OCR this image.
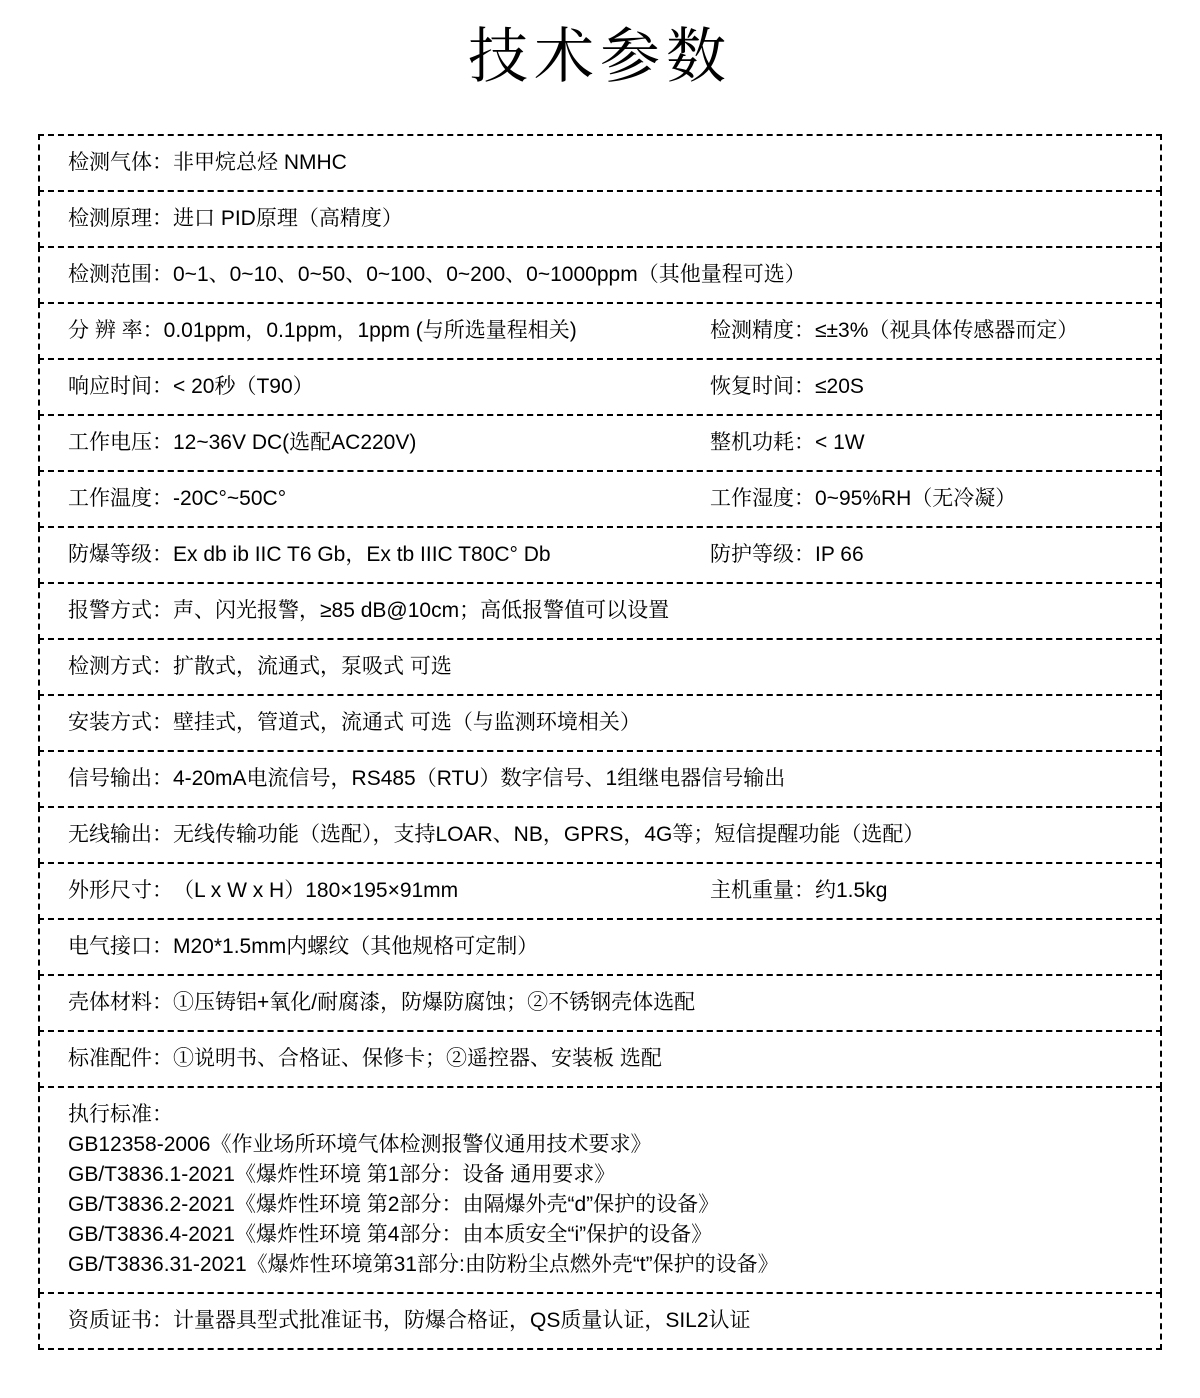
技术参数
检测气体： 非甲烷总烃 NMHC
检测原理： 进口 PID原理（高精度）
检测范围： 0~1、0~10、0~50、0~100、0~200、0~1000ppm（其他量程可选）
分 辨 率： 0.01ppm，0.1ppm，1ppm (与所选量程相关)	检测精度： ≤±3%（视具体传感器而定）
响应时间： < 20秒（T90）	恢复时间： ≤20S
工作电压： 12~36V DC(选配AC220V)	整机功耗： < 1W
工作温度： -20C°~50C°	工作湿度： 0~95%RH（无冷凝）
防爆等级： Ex db ib IIC T6 Gb，Ex tb IIIC T80C° Db	防护等级： IP 66
报警方式： 声、闪光报警，≥85 dB@10cm；高低报警值可以设置
检测方式： 扩散式，流通式，泵吸式 可选
安装方式： 壁挂式，管道式，流通式 可选（与监测环境相关）
信号输出： 4-20mA电流信号，RS485（RTU）数字信号、1组继电器信号输出
无线输出： 无线传输功能（选配），支持LOAR、NB，GPRS，4G等；短信提醒功能（选配）
外形尺寸： （L x W x H）180×195×91mm	主机重量： 约1.5kg
电气接口： M20*1.5mm内螺纹（其他规格可定制）
壳体材料： ①压铸铝+氧化/耐腐漆，防爆防腐蚀；②不锈钢壳体选配
标准配件： ①说明书、合格证、保修卡；②遥控器、安装板 选配
执行标准：
GB12358-2006《作业场所环境气体检测报警仪通用技术要求》
GB/T3836.1-2021《爆炸性环境 第1部分：设备 通用要求》
GB/T3836.2-2021《爆炸性环境 第2部分：由隔爆外壳“d”保护的设备》
GB/T3836.4-2021《爆炸性环境 第4部分：由本质安全“i”保护的设备》
GB/T3836.31-2021《爆炸性环境第31部分:由防粉尘点燃外壳“t”保护的设备》
资质证书： 计量器具型式批准证书，防爆合格证，QS质量认证，SIL2认证
